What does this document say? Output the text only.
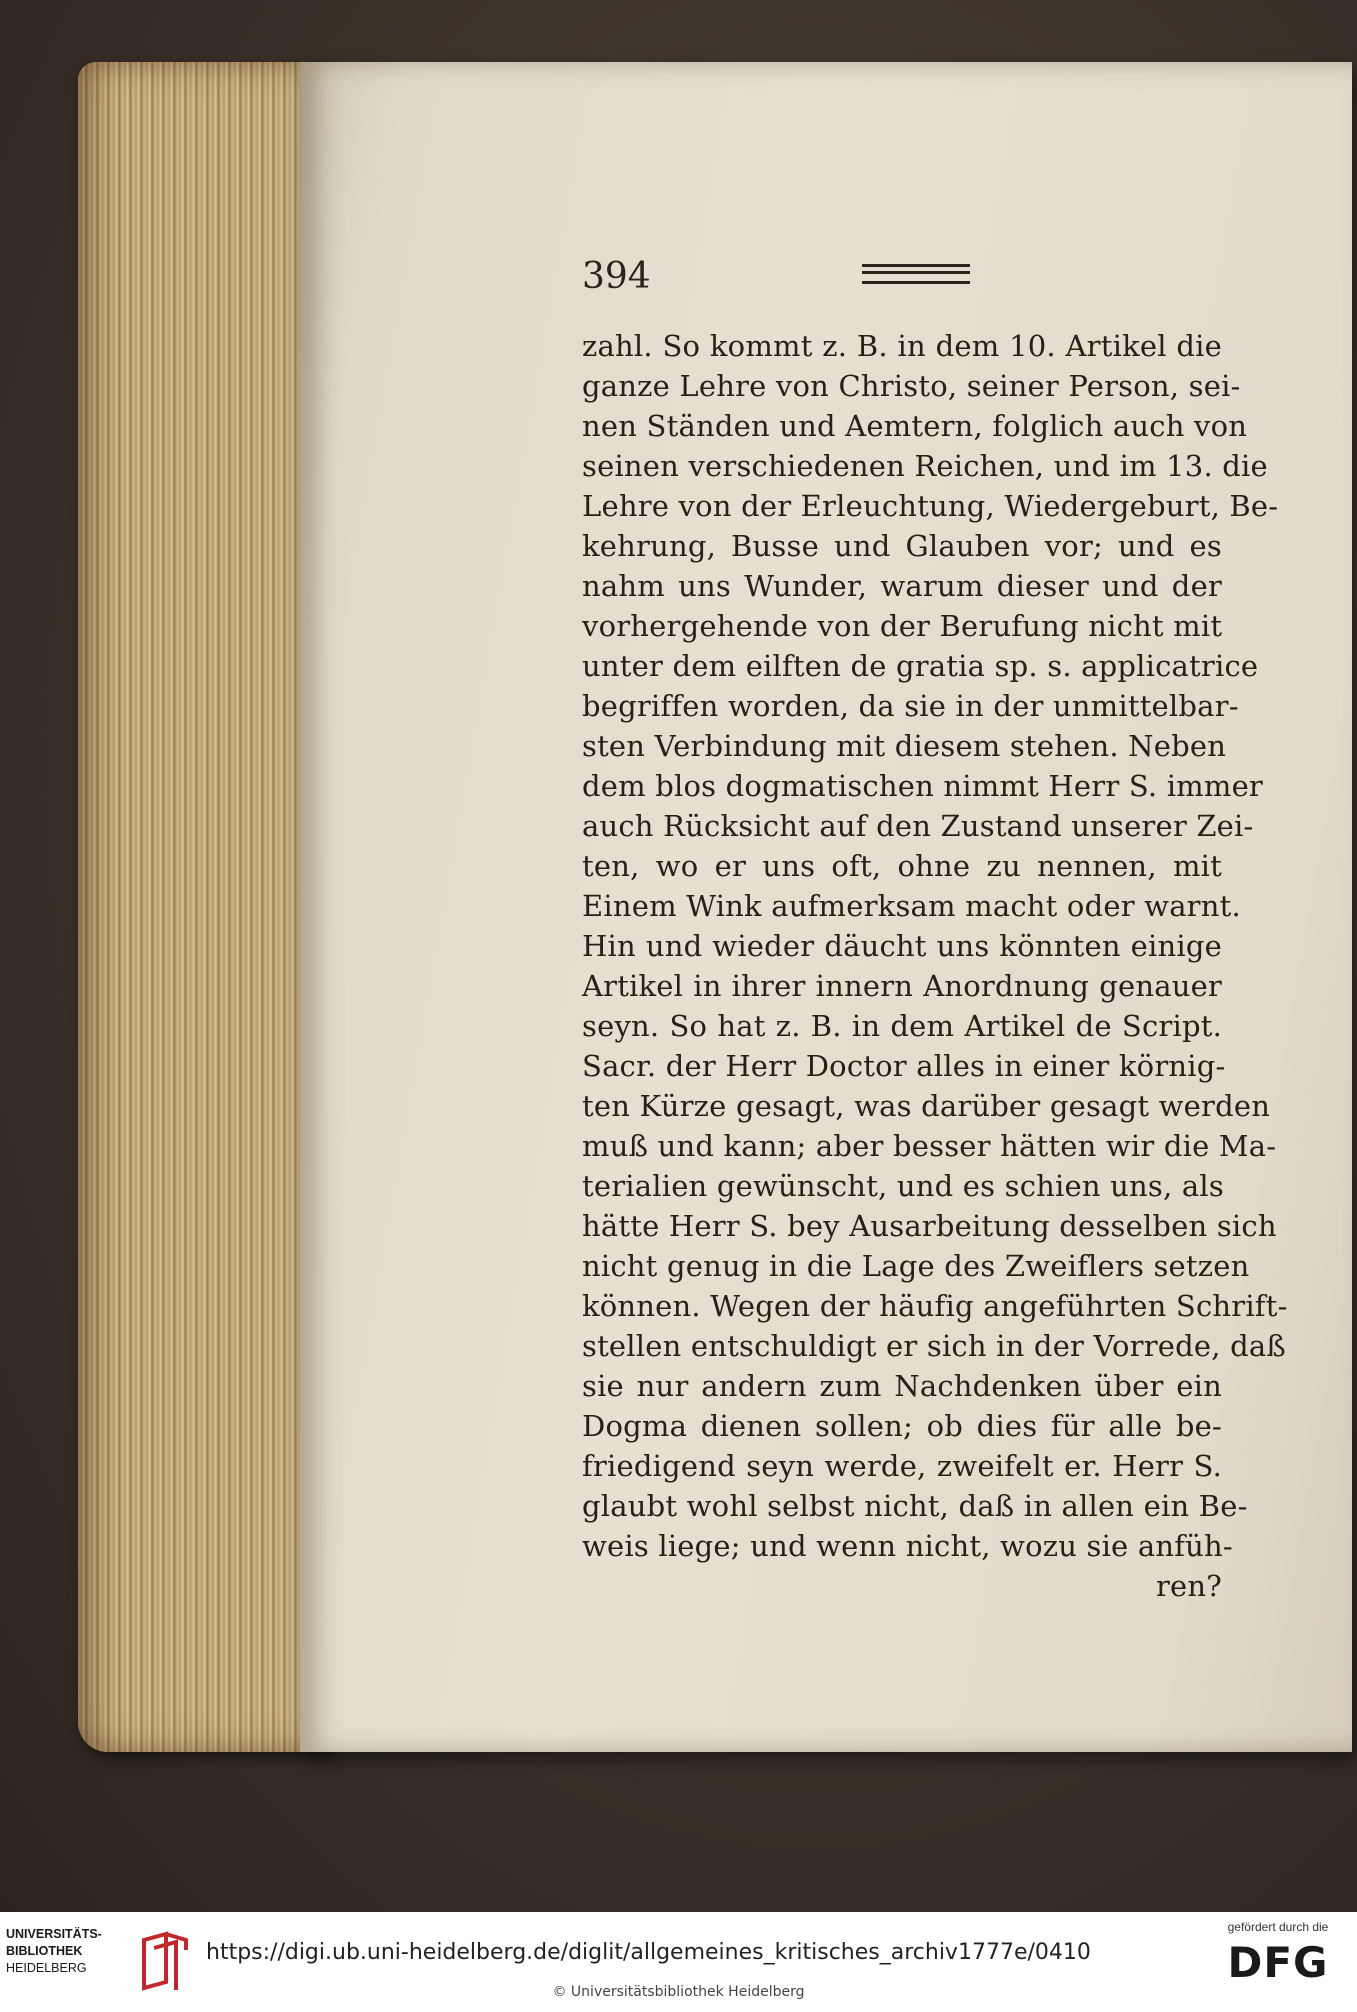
394
zahl. So kommt z. B. in dem 10. Artikel die
ganze Lehre von Christo, seiner Person, sei-
nen Ständen und Aemtern, folglich auch von
seinen verschiedenen Reichen, und im 13. die
Lehre von der Erleuchtung, Wiedergeburt, Be-
kehrung, Busse und Glauben vor; und es
nahm uns Wunder, warum dieser und der
vorhergehende von der Berufung nicht mit
unter dem eilften de gratia sp. s. applicatrice
begriffen worden, da sie in der unmittelbar-
sten Verbindung mit diesem stehen. Neben
dem blos dogmatischen nimmt Herr S. immer
auch Rücksicht auf den Zustand unserer Zei-
ten, wo er uns oft, ohne zu nennen, mit
Einem Wink aufmerksam macht oder warnt.
Hin und wieder däucht uns könnten einige
Artikel in ihrer innern Anordnung genauer
seyn. So hat z. B. in dem Artikel de Script.
Sacr. der Herr Doctor alles in einer körnig-
ten Kürze gesagt, was darüber gesagt werden
muß und kann; aber besser hätten wir die Ma-
terialien gewünscht, und es schien uns, als
hätte Herr S. bey Ausarbeitung desselben sich
nicht genug in die Lage des Zweiflers setzen
können. Wegen der häufig angeführten Schrift-
stellen entschuldigt er sich in der Vorrede, daß
sie nur andern zum Nachdenken über ein
Dogma dienen sollen; ob dies für alle be-
friedigend seyn werde, zweifelt er. Herr S.
glaubt wohl selbst nicht, daß in allen ein Be-
weis liege; und wenn nicht, wozu sie anfüh-
ren?
UNIVERSITÄTS-
BIBLIOTHEK
HEIDELBERG
https://digi.ub.uni-heidelberg.de/diglit/allgemeines_kritisches_archiv1777e/0410
© Universitätsbibliothek Heidelberg
gefördert durch die
DFG
